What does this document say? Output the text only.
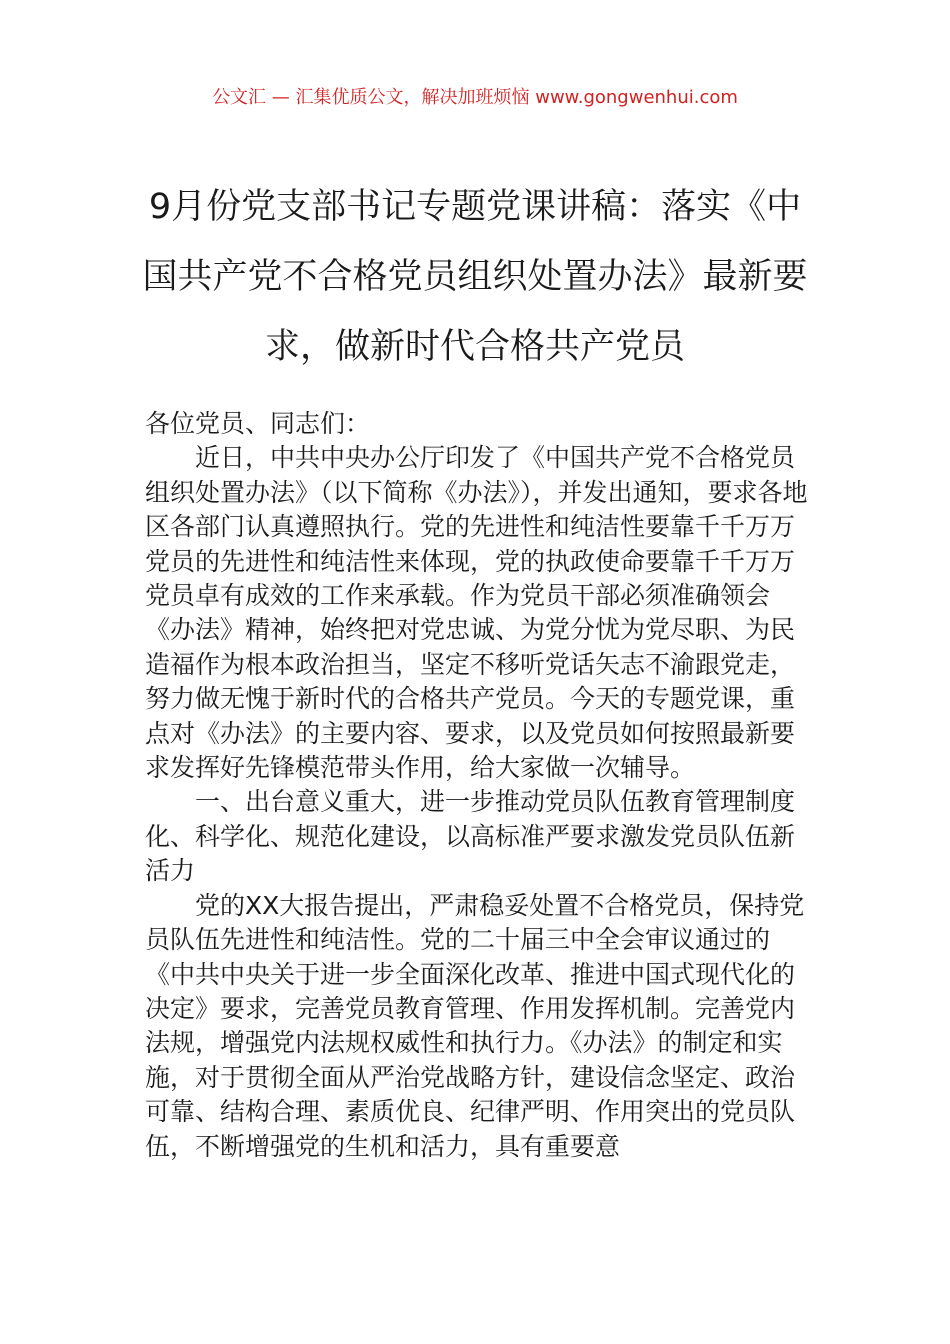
公文汇 — 汇集优质公文，解决加班烦恼 www.gongwenhui.com
9月份党支部书记专题党课讲稿：落实《中国共产党不合格党员组织处置办法》最新要求，做新时代合格共产党员

各位党员、同志们：

近日，中共中央办公厅印发了《中国共产党不合格党员组织处置办法》（以下简称《办法》），并发出通知，要求各地区各部门认真遵照执行。党的先进性和纯洁性要靠千千万万党员的先进性和纯洁性来体现，党的执政使命要靠千千万万党员卓有成效的工作来承载。作为党员干部必须准确领会《办法》精神，始终把对党忠诚、为党分忧为党尽职、为民造福作为根本政治担当，坚定不移听党话矢志不渝跟党走，努力做无愧于新时代的合格共产党员。今天的专题党课，重点对《办法》的主要内容、要求，以及党员如何按照最新要求发挥好先锋模范带头作用，给大家做一次辅导。

一、出台意义重大，进一步推动党员队伍教育管理制度化、科学化、规范化建设，以高标准严要求激发党员队伍新活力

党的XX大报告提出，严肃稳妥处置不合格党员，保持党员队伍先进性和纯洁性。党的二十届三中全会审议通过的《中共中央关于进一步全面深化改革、推进中国式现代化的决定》要求，完善党员教育管理、作用发挥机制。完善党内法规，增强党内法规权威性和执行力。《办法》的制定和实施，对于贯彻全面从严治党战略方针，建设信念坚定、政治可靠、结构合理、素质优良、纪律严明、作用突出的党员队伍，不断增强党的生机和活力，具有重要意
